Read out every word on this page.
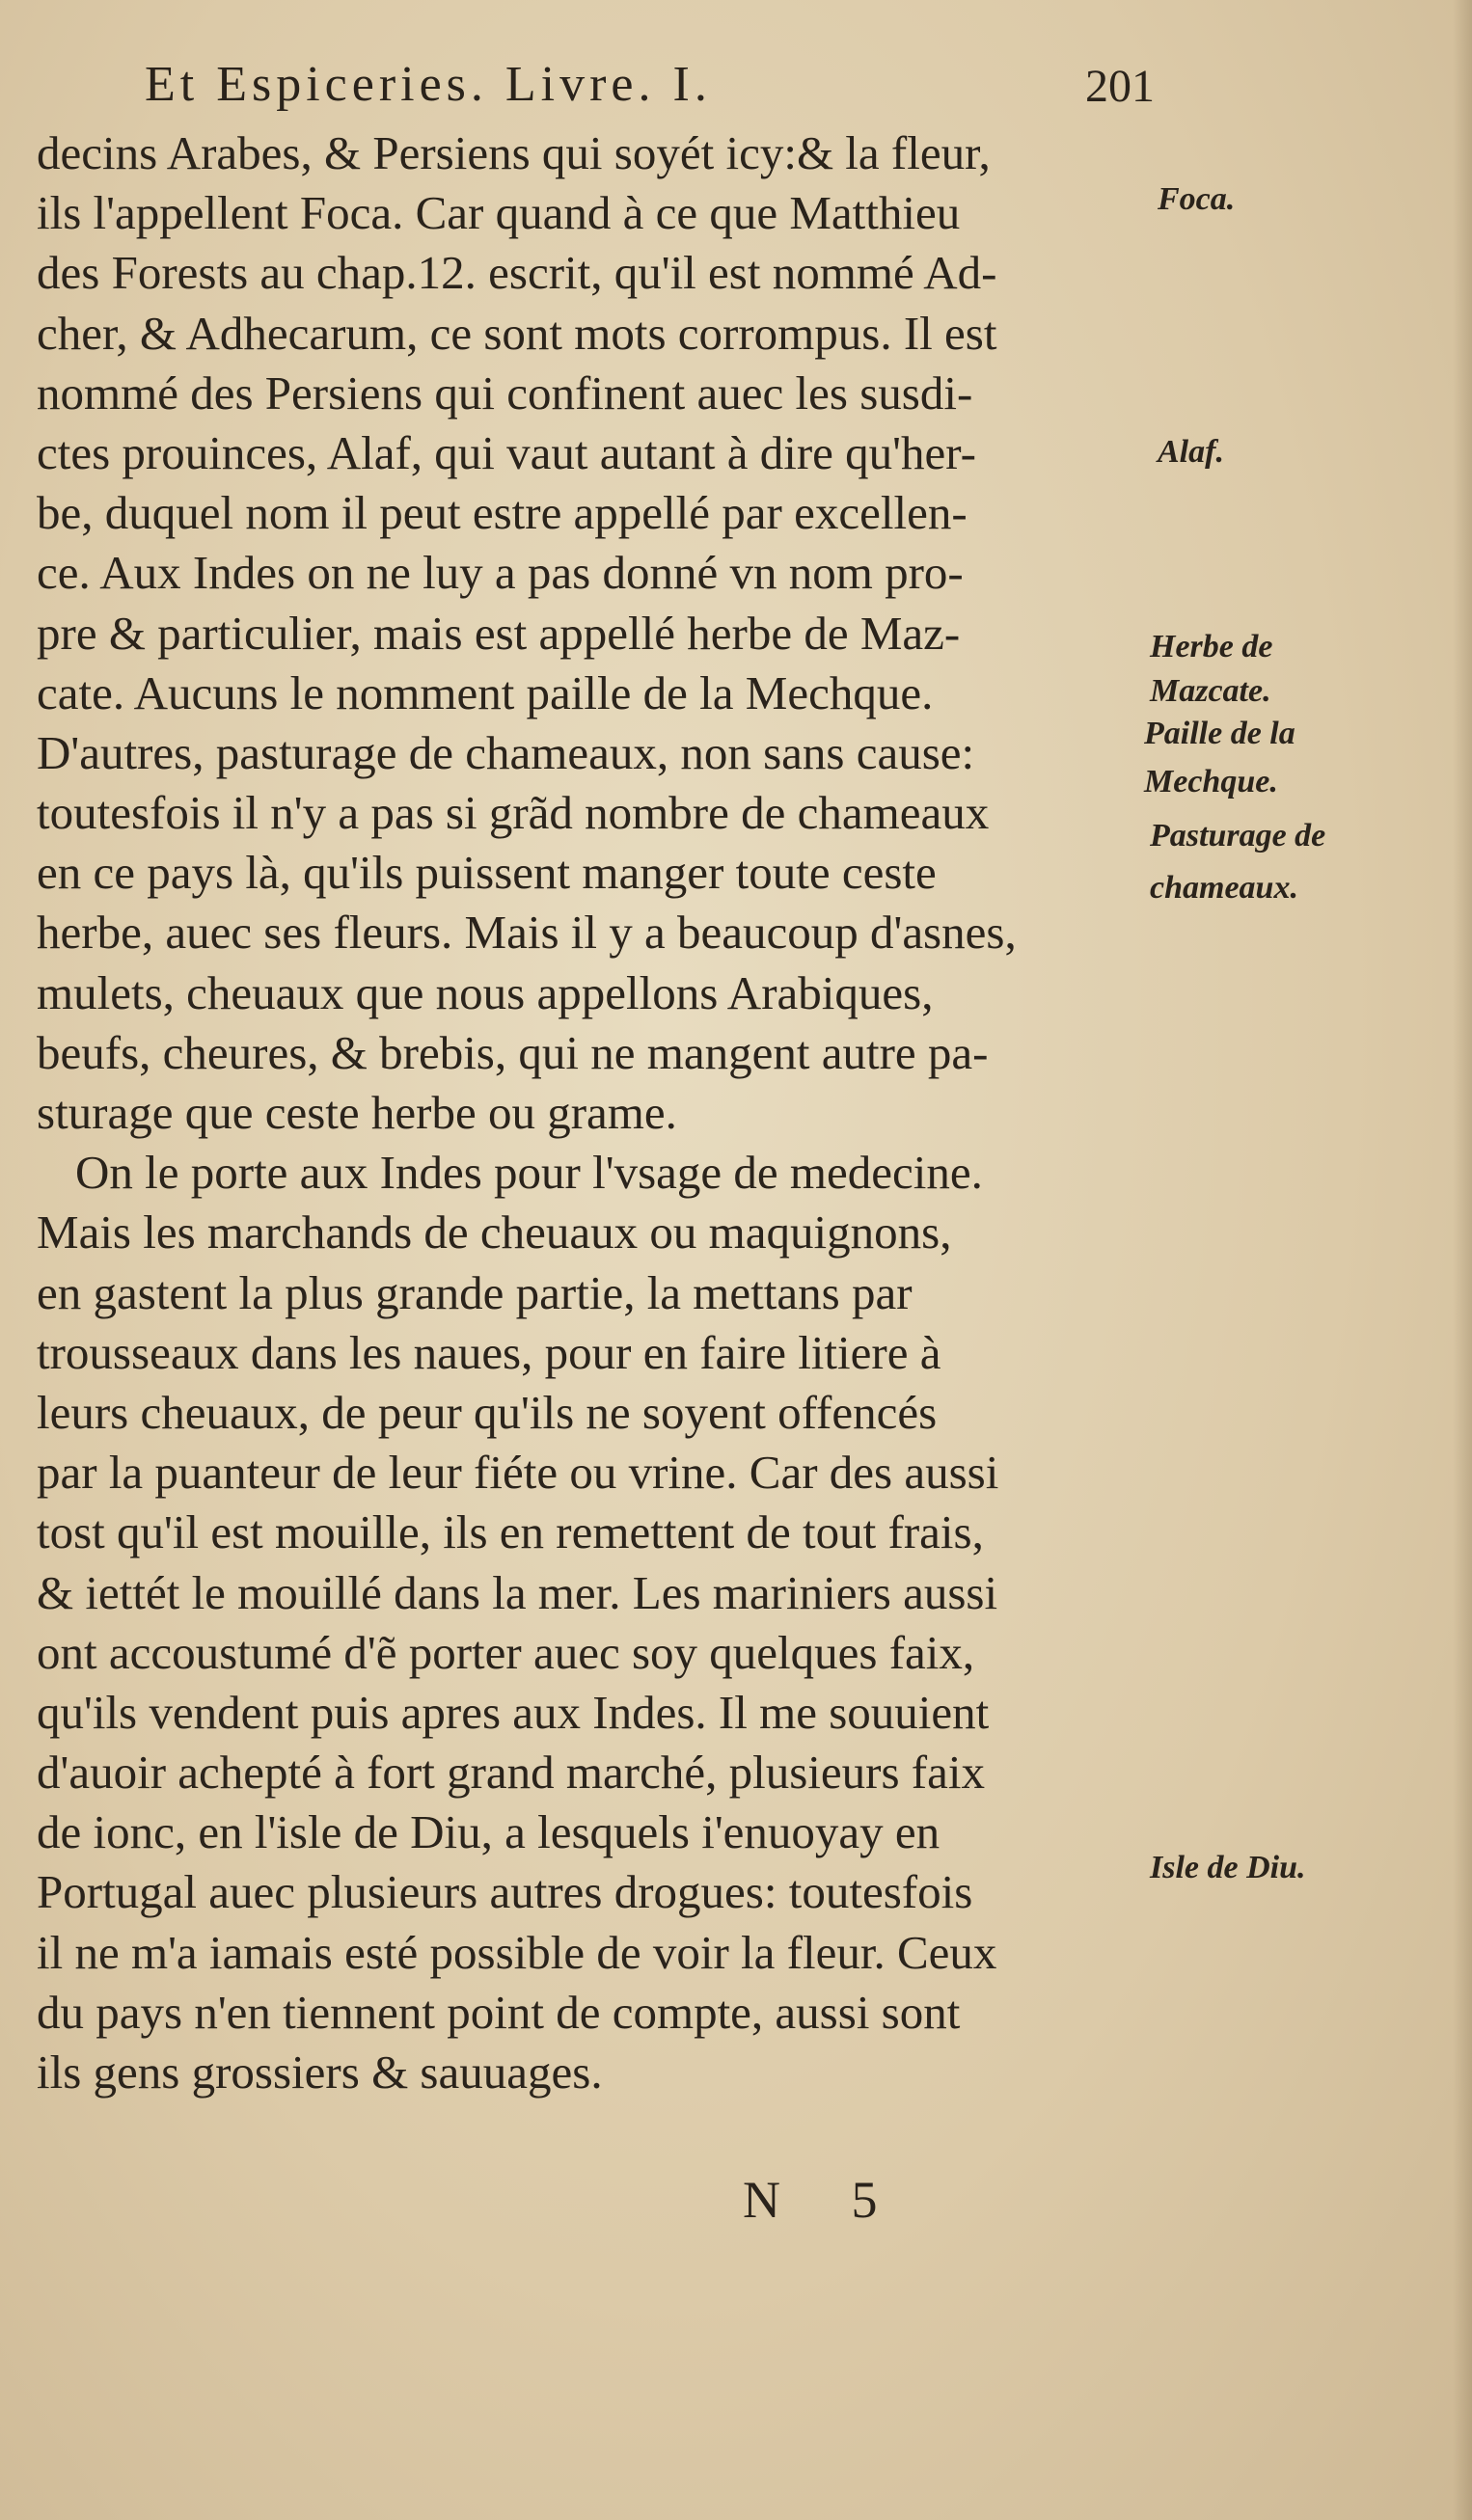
Et Espiceries. Livre. I.	201
decins Arabes, & Persiens qui soyét icy:& la fleur,
ils l'appellent Foca. Car quand à ce que Matthieu
des Forests au chap.12. escrit, qu'il est nommé Ad-
cher, & Adhecarum, ce sont mots corrompus. Il est
nommé des Persiens qui confinent auec les susdi-
ctes prouinces, Alaf, qui vaut autant à dire qu'her-
be, duquel nom il peut estre appellé par excellen-
ce. Aux Indes on ne luy a pas donné vn nom pro-
pre & particulier, mais est appellé herbe de Maz-
cate. Aucuns le nomment paille de la Mechque.
D'autres, pasturage de chameaux, non sans cause:
toutesfois il n'y a pas si grãd nombre de chameaux
en ce pays là, qu'ils puissent manger toute ceste
herbe, auec ses fleurs. Mais il y a beaucoup d'asnes,
mulets, cheuaux que nous appellons Arabiques,
beufs, cheures, & brebis, qui ne mangent autre pa-
sturage que ceste herbe ou grame.
On le porte aux Indes pour l'vsage de medecine.
Mais les marchands de cheuaux ou maquignons,
en gastent la plus grande partie, la mettans par
trousseaux dans les naues, pour en faire litiere à
leurs cheuaux, de peur qu'ils ne soyent offencés
par la puanteur de leur fiéte ou vrine. Car des aussi
tost qu'il est mouille, ils en remettent de tout frais,
& iettét le mouillé dans la mer. Les mariniers aussi
ont accoustumé d'ẽ porter auec soy quelques faix,
qu'ils vendent puis apres aux Indes. Il me souuient
d'auoir achepté à fort grand marché, plusieurs faix
de ionc, en l'isle de Diu, a lesquels i'enuoyay en
Portugal auec plusieurs autres drogues: toutesfois
il ne m'a iamais esté possible de voir la fleur. Ceux
du pays n'en tiennent point de compte, aussi sont
ils gens grossiers & sauuages.
Foca.
Alaf.
Herbe de
Mazcate.
Paille de la
Mechque.
Pasturage de
chameaux.
Isle de Diu.
N 5
